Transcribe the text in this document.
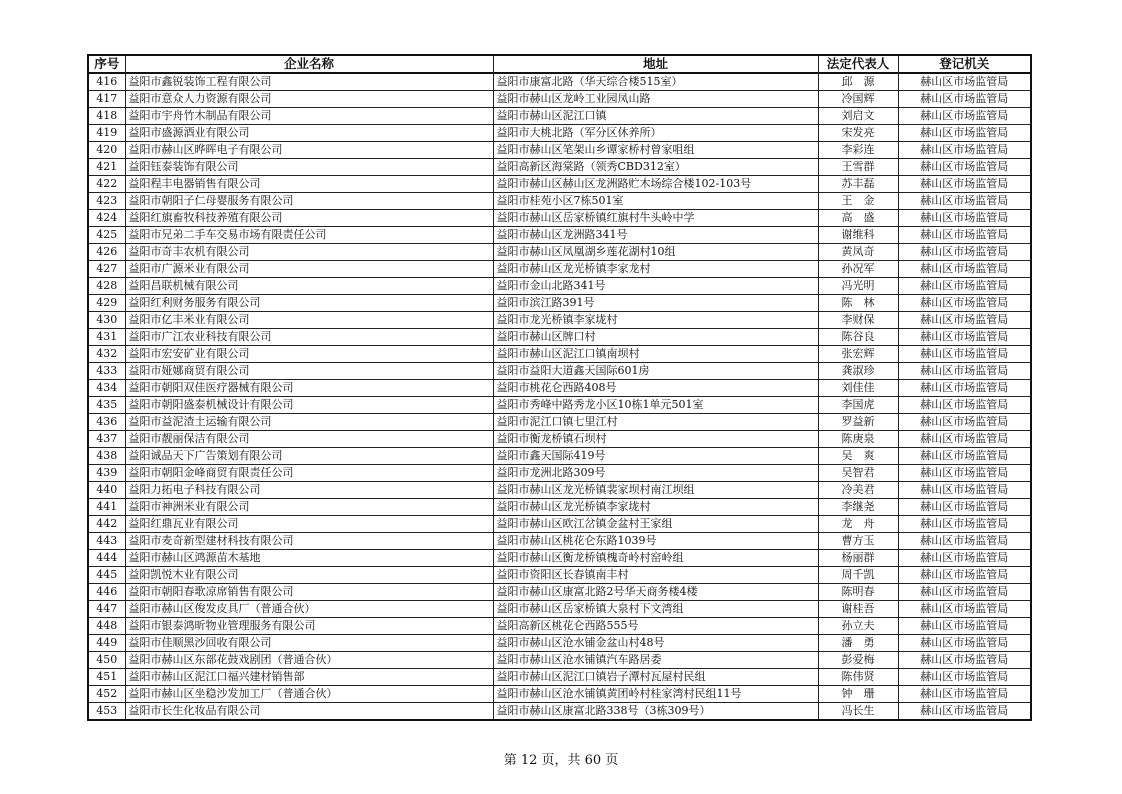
序号	企业名称	地址	法定代表人	登记机关
416	益阳市鑫锐装饰工程有限公司	益阳市康富北路（华天综合楼515室）	邱　源	赫山区市场监管局
417	益阳市意众人力资源有限公司	益阳市赫山区龙岭工业园凤山路	冷国辉	赫山区市场监管局
418	益阳市宇舟竹木制品有限公司	益阳市赫山区泥江口镇	刘启文	赫山区市场监管局
419	益阳市盛源酒业有限公司	益阳市大桃北路（军分区休养所）	宋发亮	赫山区市场监管局
420	益阳市赫山区晔晖电子有限公司	益阳市赫山区笔架山乡谭家桥村曾家咀组	李彩连	赫山区市场监管局
421	益阳钰泰装饰有限公司	益阳高新区海棠路（领秀CBD312室）	王雪群	赫山区市场监管局
422	益阳程丰电器销售有限公司	益阳市赫山区赫山区龙洲路贮木场综合楼102-103号	苏丰磊	赫山区市场监管局
423	益阳市朝阳子仁母婴服务有限公司	益阳市桂苑小区7栋501室	王　金	赫山区市场监管局
424	益阳红旗畜牧科技养殖有限公司	益阳市赫山区岳家桥镇红旗村牛头岭中学	高　盛	赫山区市场监管局
425	益阳市兄弟二手车交易市场有限责任公司	益阳市赫山区龙洲路341号	谢维科	赫山区市场监管局
426	益阳市奇丰农机有限公司	益阳市赫山区凤凰湖乡莲花湖村10组	黄凤奇	赫山区市场监管局
427	益阳市广源米业有限公司	益阳市赫山区龙光桥镇李家龙村	孙况军	赫山区市场监管局
428	益阳昌联机械有限公司	益阳市金山北路341号	冯光明	赫山区市场监管局
429	益阳红利财务服务有限公司	益阳市滨江路391号	陈　林	赫山区市场监管局
430	益阳市亿丰米业有限公司	益阳市龙光桥镇李家垅村	李财保	赫山区市场监管局
431	益阳市广江农业科技有限公司	益阳市赫山区牌口村	陈谷良	赫山区市场监管局
432	益阳市宏安矿业有限公司	益阳市赫山区泥江口镇南坝村	张宏辉	赫山区市场监管局
433	益阳市娅娜商贸有限公司	益阳市益阳大道鑫天国际601房	龚淑珍	赫山区市场监管局
434	益阳市朝阳双佳医疗器械有限公司	益阳市桃花仑西路408号	刘佳佳	赫山区市场监管局
435	益阳市朝阳盛泰机械设计有限公司	益阳市秀峰中路秀龙小区10栋1单元501室	李国虎	赫山区市场监管局
436	益阳市益泥渣土运输有限公司	益阳市泥江口镇七里江村	罗益新	赫山区市场监管局
437	益阳市靓丽保洁有限公司	益阳市衡龙桥镇石坝村	陈庚泉	赫山区市场监管局
438	益阳诚品天下广告策划有限公司	益阳市鑫天国际419号	吴　爽	赫山区市场监管局
439	益阳市朝阳金峰商贸有限责任公司	益阳市龙洲北路309号	吴智君	赫山区市场监管局
440	益阳力拓电子科技有限公司	益阳市赫山区龙光桥镇裴家坝村南江坝组	冷美君	赫山区市场监管局
441	益阳市神洲米业有限公司	益阳市赫山区龙光桥镇李家垅村	李继尧	赫山区市场监管局
442	益阳红鼎瓦业有限公司	益阳市赫山区欧江岔镇金盆村王家组	龙　舟	赫山区市场监管局
443	益阳市麦奇新型建材科技有限公司	益阳市赫山区桃花仑东路1039号	曹方玉	赫山区市场监管局
444	益阳市赫山区鸿源苗木基地	益阳市赫山区衡龙桥镇槐奇岭村窑岭组	杨丽群	赫山区市场监管局
445	益阳凯悦木业有限公司	益阳市资阳区长春镇南丰村	周千凯	赫山区市场监管局
446	益阳市朝阳春歌凉席销售有限公司	益阳市赫山区康富北路2号华天商务楼4楼	陈明春	赫山区市场监管局
447	益阳市赫山区俊发皮具厂（普通合伙）	益阳市赫山区岳家桥镇大泉村下文湾组	谢桂吾	赫山区市场监管局
448	益阳市银泰鸿昕物业管理服务有限公司	益阳高新区桃花仑西路555号	孙立夫	赫山区市场监管局
449	益阳市佳顺黑沙回收有限公司	益阳市赫山区沧水铺金盆山村48号	潘　勇	赫山区市场监管局
450	益阳市赫山区东部花鼓戏剧团（普通合伙）	益阳市赫山区沧水铺镇汽车路居委	彭爱梅	赫山区市场监管局
451	益阳市赫山区泥江口福兴建材销售部	益阳市赫山区泥江口镇岩子潭村瓦屋村民组	陈伟贤	赫山区市场监管局
452	益阳市赫山区坐稳沙发加工厂（普通合伙）	益阳市赫山区沧水铺镇黄团岭村桂家湾村民组11号	钟　珊	赫山区市场监管局
453	益阳市长生化妆品有限公司	益阳市赫山区康富北路338号（3栋309号）	冯长生	赫山区市场监管局
第 12 页，共 60 页
